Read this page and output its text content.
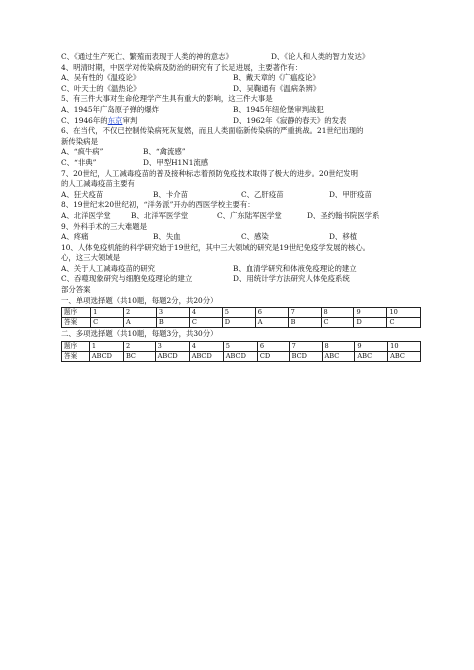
C、《通过生产死亡、繁殖而表现于人类的神的意志》	D、《论人和人类的智力发达》
4、明清时期，中医学对传染病及防治的研究有了长足进展，主要著作有：
A、吴有性的《温疫论》	B、戴天章的《广瘟疫论》
C、叶天士的《温热论》	D、吴鞠通有《温病条辨》
5、有三件大事对生命伦理学产生具有重大的影响，这三件大事是
A、1945年广岛原子弹的爆炸	B、1945年纽伦堡审判战犯
C、1946年的东京审判	D、1962年《寂静的春天》的发表
6、在当代，不仅已控制传染病死灰复燃，而且人类面临新传染病的严重挑战。21世纪出现的
新传染病是
A、“疯牛病”	B、“禽流感”
C、“非典”	D、甲型H1N1流感
7、20世纪，人工减毒疫苗的普及接种标志着预防免疫技术取得了极大的进步。20世纪发明
的人工减毒疫苗主要有
A、狂犬疫苗	B、卡介苗	C、乙肝疫苗	D、甲肝疫苗
8、19世纪末20世纪初，“洋务派”开办的西医学校主要有：
A、北洋医学堂	B、北洋军医学堂	C、广东陆军医学堂	D、圣约翰书院医学系
9、外科手术的三大难题是
A、疼痛	B、失血	C、感染	D、移植
10、人体免疫机能的科学研究始于19世纪，其中三大领域的研究是19世纪免疫学发展的核心。
心，这三大领域是
A、关于人工减毒疫苗的研究	B、血清学研究和体液免疫理论的建立
C、吞噬现象研究与细胞免疫理论的建立	D、用统计学方法研究人体免疫系统
部分答案
一、单项选择题（共10题，每题2分，共20分）
题序	1	2	3	4	5	6	7	8	9	10
答案	C	A	B	C	D	A	B	C	D	C
二、多项选择题（共10题，每题3分，共30分）
题序	1	2	3	4	5	6	7	8	9	10
答案	ABCD	BC	ABCD	ABCD	ABCD	CD	BCD	ABC	ABC	ABC
